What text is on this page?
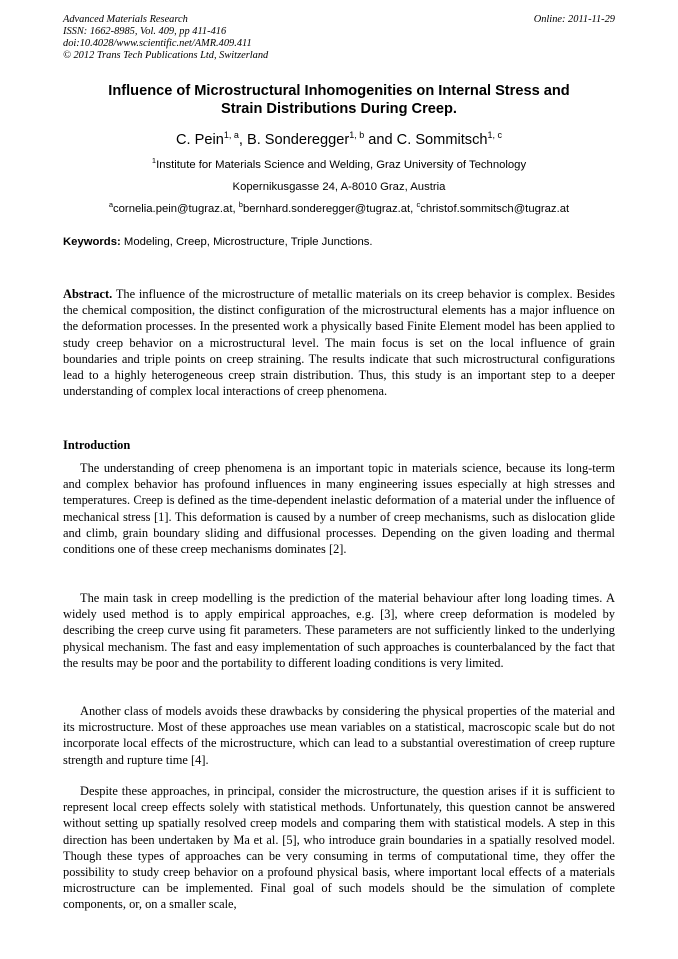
Advanced Materials Research
ISSN: 1662-8985, Vol. 409, pp 411-416
doi:10.4028/www.scientific.net/AMR.409.411
© 2012 Trans Tech Publications Ltd, Switzerland
Online: 2011-11-29
Influence of Microstructural Inhomogenities on Internal Stress and
Strain Distributions During Creep.
C. Pein$^{1, a}$, B. Sonderegger$^{1, b}$ and C. Sommitsch$^{1, c}$
$^1$Institute for Materials Science and Welding, Graz University of Technology
Kopernikusgasse 24, A-8010 Graz, Austria
$^a$cornelia.pein@tugraz.at, $^b$bernhard.sonderegger@tugraz.at, $^c$christof.sommitsch@tugraz.at
Keywords: Modeling, Creep, Microstructure, Triple Junctions.
Abstract. The influence of the microstructure of metallic materials on its creep behavior is complex. Besides the chemical composition, the distinct configuration of the microstructural elements has a major influence on the deformation processes. In the presented work a physically based Finite Element model has been applied to study creep behavior on a microstructural level. The main focus is set on the local influence of grain boundaries and triple points on creep straining. The results indicate that such microstructural configurations lead to a highly heterogeneous creep strain distribution. Thus, this study is an important step to a deeper understanding of complex local interactions of creep phenomena.
Introduction
The understanding of creep phenomena is an important topic in materials science, because its long-term and complex behavior has profound influences in many engineering issues especially at high stresses and temperatures. Creep is defined as the time-dependent inelastic deformation of a material under the influence of mechanical stress [1]. This deformation is caused by a number of creep mechanisms, such as dislocation glide and climb, grain boundary sliding and diffusional processes. Depending on the given loading and thermal conditions one of these creep mechanisms dominates [2].
The main task in creep modelling is the prediction of the material behaviour after long loading times. A widely used method is to apply empirical approaches, e.g. [3], where creep deformation is modeled by describing the creep curve using fit parameters. These parameters are not sufficiently linked to the underlying physical mechanism. The fast and easy implementation of such approaches is counterbalanced by the fact that the results may be poor and the portability to different loading conditions is very limited.
Another class of models avoids these drawbacks by considering the physical properties of the material and its microstructure. Most of these approaches use mean variables on a statistical, macroscopic scale but do not incorporate local effects of the microstructure, which can lead to a substantial overestimation of creep rupture strength and rupture time [4].
Despite these approaches, in principal, consider the microstructure, the question arises if it is sufficient to represent local creep effects solely with statistical methods. Unfortunately, this question cannot be answered without setting up spatially resolved creep models and comparing them with statistical models. A step in this direction has been undertaken by Ma et al. [5], who introduce grain boundaries in a spatially resolved model. Though these types of approaches can be very consuming in terms of computational time, they offer the possibility to study creep behavior on a profound physical basis, where important local effects of a materials microstructure can be implemented. Final goal of such models should be the simulation of complete components, or, on a smaller scale,
